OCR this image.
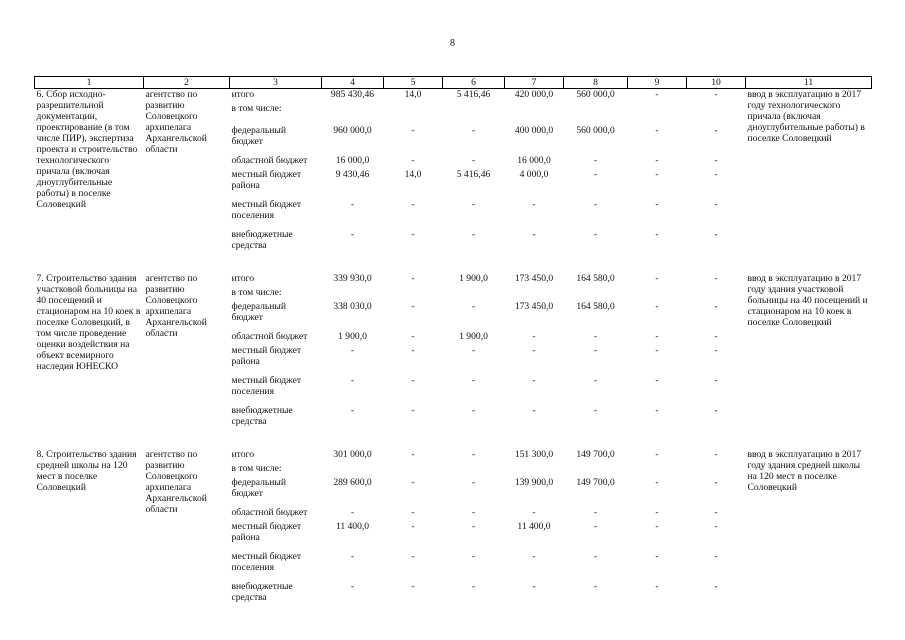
8
1	2	3	4	5	6	7	8	9	10	11
6. Сбор исходно-разрешительной документации, проектирование (в том числе ПИР), экспертиза проекта и строительство технологического причала (включая дноуглубительные работы) в поселке Соловецкий	агентство по развитию Соловецкого архипелага Архангельской области	итого	985 430,46	14,0	5 416,46	420 000,0	560 000,0	-	-	ввод в эксплуатацию в 2017 году технологического причала (включая дноуглубительные работы) в поселке Соловецкий
		в том числе:								
		федеральный бюджет	960 000,0	-	-	400 000,0	560 000,0	-	-	
		областной бюджет	16 000,0	-	-	16 000,0	-	-	-	
		местный бюджет района	9 430,46	14,0	5 416,46	4 000,0	-	-	-	
		местный бюджет поселения	-	-	-	-	-	-	-	
		внебюджетные средства	-	-	-	-	-	-	-	

7. Строительство здания участковой больницы на 40 посещений и стационаром на 10 коек в поселке Соловецкий, в том числе проведение оценки воздействия на объект всемирного наследия ЮНЕСКО	агентство по развитию Соловецкого архипелага Архангельской области	итого	339 930,0	-	1 900,0	173 450,0	164 580,0	-	-	ввод в эксплуатацию в 2017 году здания участковой больницы на 40 посещений и стационаром на 10 коек в поселке Соловецкий
		в том числе:								
		федеральный бюджет	338 030,0	-	-	173 450,0	164 580,0	-	-	
		областной бюджет	1 900,0	-	1 900,0	-	-	-	-	
		местный бюджет района	-	-	-	-	-	-	-	
		местный бюджет поселения	-	-	-	-	-	-	-	
		внебюджетные средства	-	-	-	-	-	-	-	

8. Строительство здания средней школы на 120 мест в поселке Соловецкий	агентство по развитию Соловецкого архипелага Архангельской области	итого	301 000,0	-	-	151 300,0	149 700,0	-	-	ввод в эксплуатацию в 2017 году здания средней школы на 120 мест в поселке Соловецкий
		в том числе:								
		федеральный бюджет	289 600,0	-	-	139 900,0	149 700,0	-	-	
		областной бюджет	-	-	-	-	-	-	-	
		местный бюджет района	11 400,0	-	-	11 400,0	-	-	-	
		местный бюджет поселения	-	-	-	-	-	-	-	
		внебюджетные средства	-	-	-	-	-	-	-	
